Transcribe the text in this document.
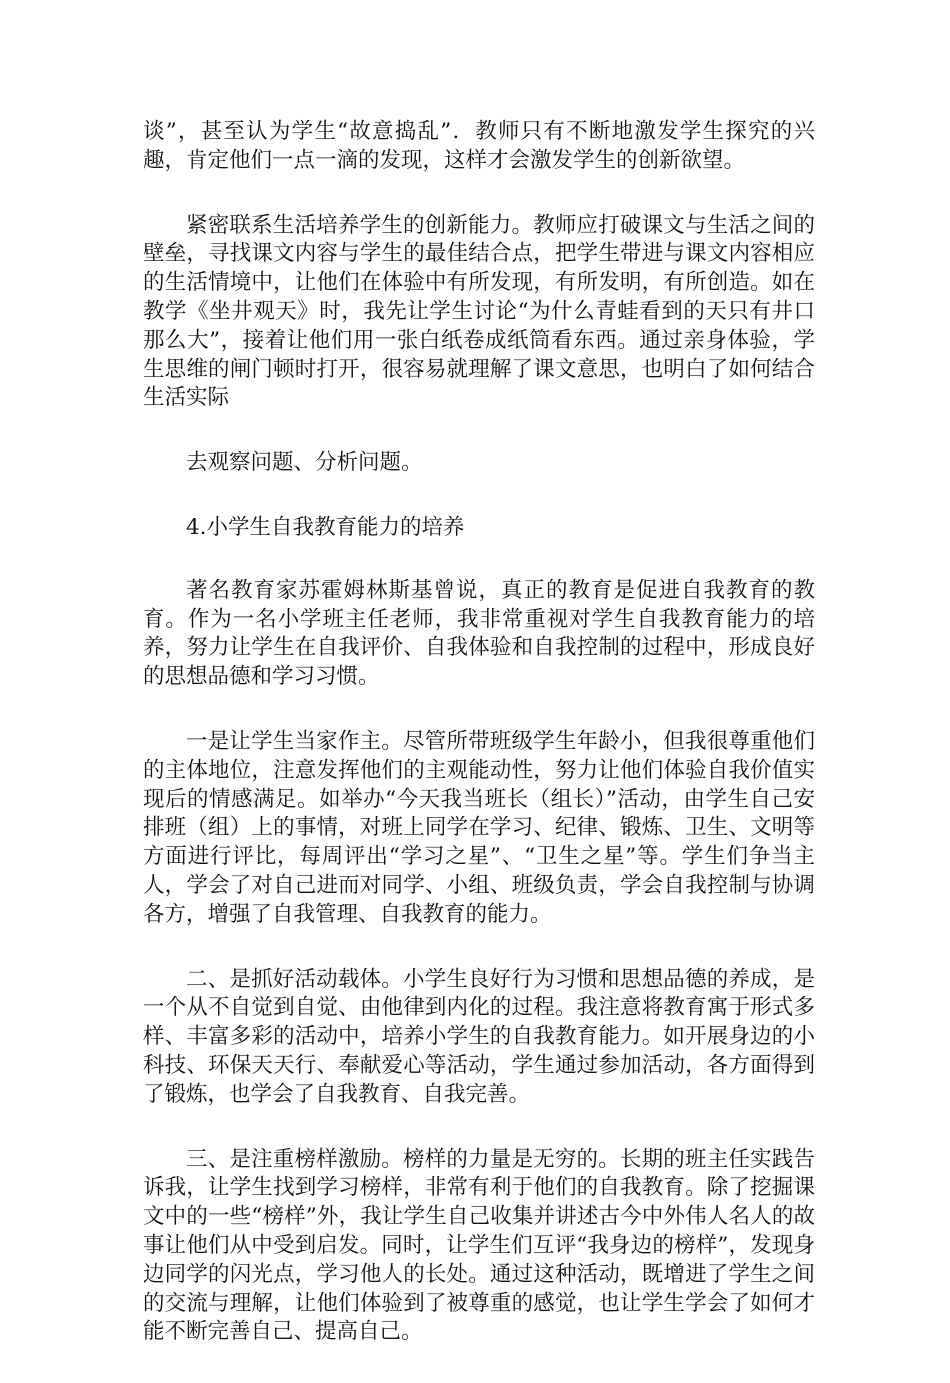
谈”，甚至认为学生“故意捣乱”．教师只有不断地激发学生探究的兴趣，肯定他们一点一滴的发现，这样才会激发学生的创新欲望。

紧密联系生活培养学生的创新能力。教师应打破课文与生活之间的壁垒，寻找课文内容与学生的最佳结合点，把学生带进与课文内容相应的生活情境中，让他们在体验中有所发现，有所发明，有所创造。如在教学《坐井观天》时，我先让学生讨论“为什么青蛙看到的天只有井口那么大”，接着让他们用一张白纸卷成纸筒看东西。通过亲身体验，学生思维的闸门顿时打开，很容易就理解了课文意思，也明白了如何结合生活实际

去观察问题、分析问题。

4.小学生自我教育能力的培养

著名教育家苏霍姆林斯基曾说，真正的教育是促进自我教育的教育。作为一名小学班主任老师，我非常重视对学生自我教育能力的培养，努力让学生在自我评价、自我体验和自我控制的过程中，形成良好的思想品德和学习习惯。

一是让学生当家作主。尽管所带班级学生年龄小，但我很尊重他们的主体地位，注意发挥他们的主观能动性，努力让他们体验自我价值实现后的情感满足。如举办“今天我当班长（组长）”活动，由学生自己安排班（组）上的事情，对班上同学在学习、纪律、锻炼、卫生、文明等方面进行评比，每周评出“学习之星”、“卫生之星”等。学生们争当主人，学会了对自己进而对同学、小组、班级负责，学会自我控制与协调各方，增强了自我管理、自我教育的能力。

二、是抓好活动载体。小学生良好行为习惯和思想品德的养成，是一个从不自觉到自觉、由他律到内化的过程。我注意将教育寓于形式多样、丰富多彩的活动中，培养小学生的自我教育能力。如开展身边的小科技、环保天天行、奉献爱心等活动，学生通过参加活动，各方面得到了锻炼，也学会了自我教育、自我完善。

三、是注重榜样激励。榜样的力量是无穷的。长期的班主任实践告诉我，让学生找到学习榜样，非常有利于他们的自我教育。除了挖掘课文中的一些“榜样”外，我让学生自己收集并讲述古今中外伟人名人的故事让他们从中受到启发。同时，让学生们互评“我身边的榜样”，发现身边同学的闪光点，学习他人的长处。通过这种活动，既增进了学生之间的交流与理解，让他们体验到了被尊重的感觉，也让学生学会了如何才能不断完善自己、提高自己。
